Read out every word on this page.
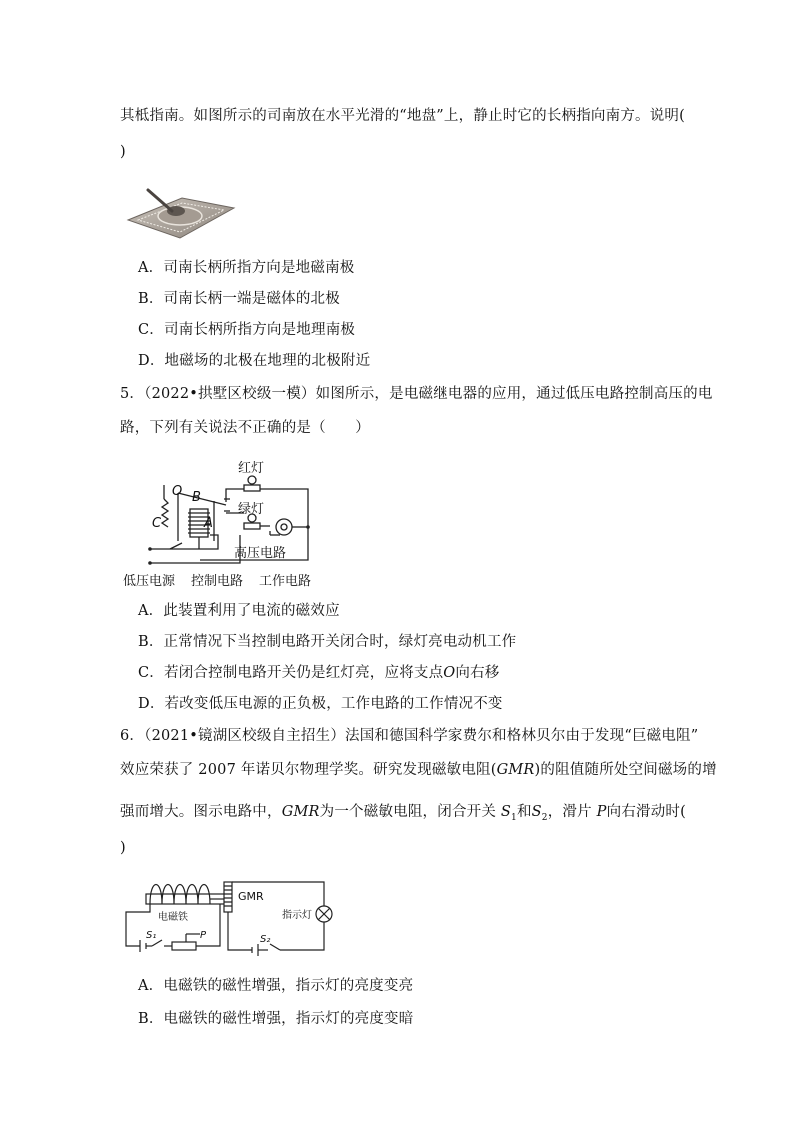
其柢指南。如图所示的司南放在水平光滑的“地盘”上，静止时它的长柄指向南方。说明(
)
A．司南长柄所指方向是地磁南极
B．司南长柄一端是磁体的北极
C．司南长柄所指方向是地理南极
D．地磁场的北极在地理的北极附近
5．（2022•拱墅区校级一模）如图所示，是电磁继电器的应用，通过低压电路控制高压的电
路，下列有关说法不正确的是（　　）
红灯
绿灯
O B
C	A
高压电路
低压电源 控制电路 工作电路
A．此装置利用了电流的磁效应
B．正常情况下当控制电路开关闭合时，绿灯亮电动机工作
C．若闭合控制电路开关仍是红灯亮，应将支点O向右移
D．若改变低压电源的正负极，工作电路的工作情况不变
6．（2021•镜湖区校级自主招生）法国和德国科学家费尔和格林贝尔由于发现“巨磁电阻”
效应荣获了 2007 年诺贝尔物理学奖。研究发现磁敏电阻(GMR)的阻值随所处空间磁场的增
强而增大。图示电路中，GMR为一个磁敏电阻，闭合开关 $S_1$和$S_2$，滑片 P向右滑动时(
)
GMR
电磁铁	指示灯
S₁	S₂
P
A．电磁铁的磁性增强，指示灯的亮度变亮
B．电磁铁的磁性增强，指示灯的亮度变暗
